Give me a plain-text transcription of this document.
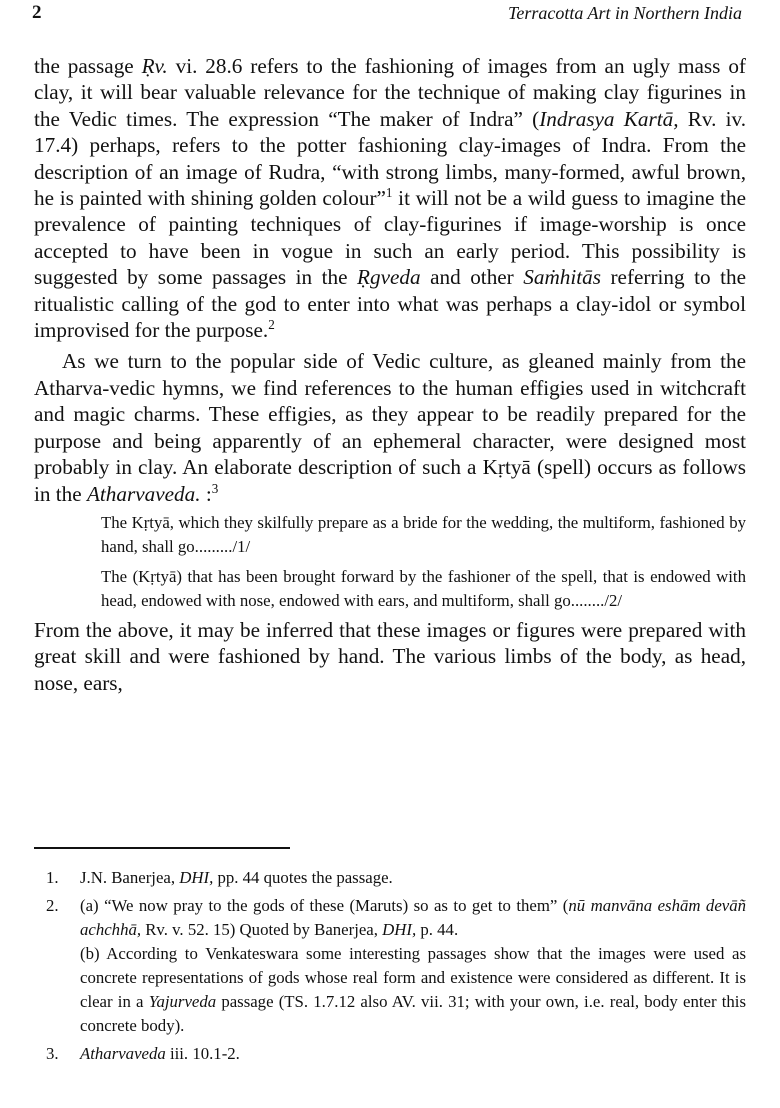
2	Terracotta Art in Northern India

the passage Ṛv. vi. 28.6 refers to the fashioning of images from an ugly mass of clay, it will bear valuable relevance for the technique of making clay figurines in the Vedic times. The expression “The maker of Indra” (Indrasya Kartā, Rv. iv. 17.4) perhaps, refers to the potter fashioning clay-images of Indra. From the description of an image of Rudra, “with strong limbs, many-formed, awful brown, he is painted with shining golden colour”$^1$ it will not be a wild guess to imagine the prevalence of painting techniques of clay-figurines if image-worship is once accepted to have been in vogue in such an early period. This possibility is suggested by some passages in the Ṛgveda and other Saṁhitās referring to the ritualistic calling of the god to enter into what was perhaps a clay-idol or symbol improvised for the purpose.$^2$

As we turn to the popular side of Vedic culture, as gleaned mainly from the Atharva-vedic hymns, we find references to the human effigies used in witchcraft and magic charms. These effigies, as they appear to be readily prepared for the purpose and being apparently of an ephemeral character, were designed most probably in clay. An elaborate description of such a Kṛtyā (spell) occurs as follows in the Atharvaveda. :$^3$

The Kṛtyā, which they skilfully prepare as a bride for the wedding, the multiform, fashioned by hand, shall go........./1/
The (Kṛtyā) that has been brought forward by the fashioner of the spell, that is endowed with head, endowed with nose, endowed with ears, and multiform, shall go......../2/

From the above, it may be inferred that these images or figures were prepared with great skill and were fashioned by hand. The various limbs of the body, as head, nose, ears,

1. J.N. Banerjea, DHI, pp. 44 quotes the passage.
2. (a) “We now pray to the gods of these (Maruts) so as to get to them” (nū manvāna eshām devāñ achchhā, Rv. v. 52. 15) Quoted by Banerjea, DHI, p. 44.
(b) According to Venkateswara some interesting passages show that the images were used as concrete representations of gods whose real form and existence were considered as different. It is clear in a Yajurveda passage (TS. 1.7.12 also AV. vii. 31; with your own, i.e. real, body enter this concrete body).
3. Atharvaveda iii. 10.1-2.
